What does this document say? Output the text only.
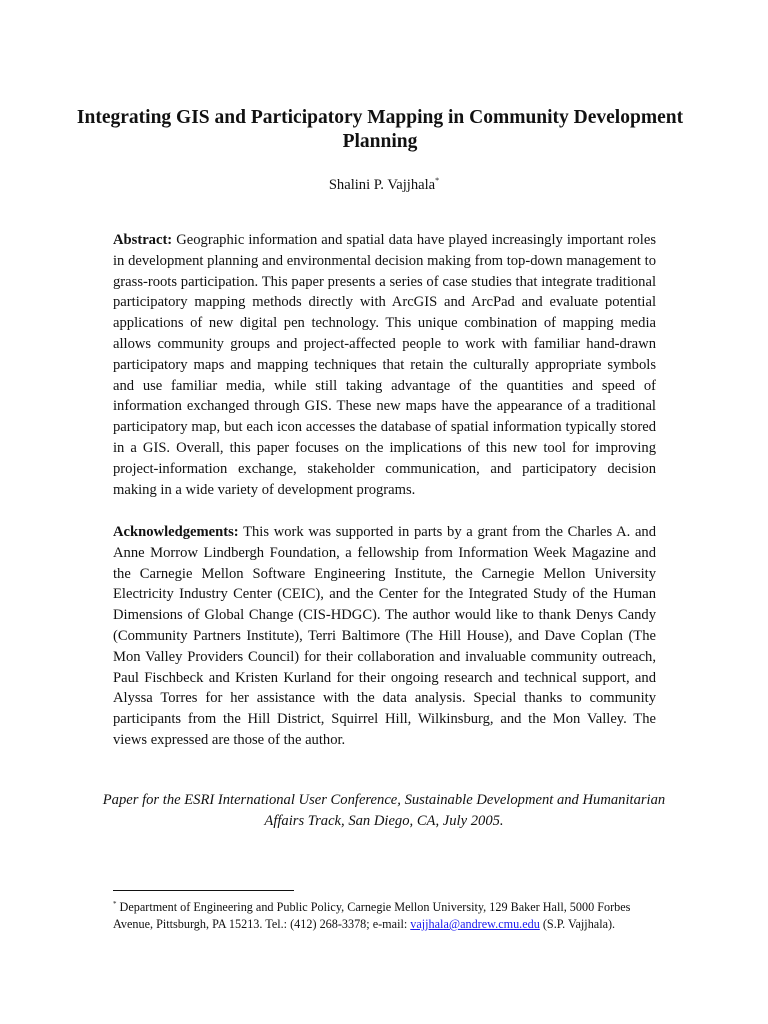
Integrating GIS and Participatory Mapping in Community Development Planning
Shalini P. Vajjhala*

Abstract: Geographic information and spatial data have played increasingly important roles in development planning and environmental decision making from top-down management to grass-roots participation. This paper presents a series of case studies that integrate traditional participatory mapping methods directly with ArcGIS and ArcPad and evaluate potential applications of new digital pen technology. This unique combination of mapping media allows community groups and project-affected people to work with familiar hand-drawn participatory maps and mapping techniques that retain the culturally appropriate symbols and use familiar media, while still taking advantage of the quantities and speed of information exchanged through GIS. These new maps have the appearance of a traditional participatory map, but each icon accesses the database of spatial information typically stored in a GIS. Overall, this paper focuses on the implications of this new tool for improving project-information exchange, stakeholder communication, and participatory decision making in a wide variety of development programs.

Acknowledgements: This work was supported in parts by a grant from the Charles A. and Anne Morrow Lindbergh Foundation, a fellowship from Information Week Magazine and the Carnegie Mellon Software Engineering Institute, the Carnegie Mellon University Electricity Industry Center (CEIC), and the Center for the Integrated Study of the Human Dimensions of Global Change (CIS-HDGC). The author would like to thank Denys Candy (Community Partners Institute), Terri Baltimore (The Hill House), and Dave Coplan (The Mon Valley Providers Council) for their collaboration and invaluable community outreach, Paul Fischbeck and Kristen Kurland for their ongoing research and technical support, and Alyssa Torres for her assistance with the data analysis. Special thanks to community participants from the Hill District, Squirrel Hill, Wilkinsburg, and the Mon Valley. The views expressed are those of the author.

Paper for the ESRI International User Conference, Sustainable Development and Humanitarian Affairs Track, San Diego, CA, July 2005.

* Department of Engineering and Public Policy, Carnegie Mellon University, 129 Baker Hall, 5000 Forbes Avenue, Pittsburgh, PA 15213. Tel.: (412) 268-3378; e-mail: vajjhala@andrew.cmu.edu (S.P. Vajjhala).
